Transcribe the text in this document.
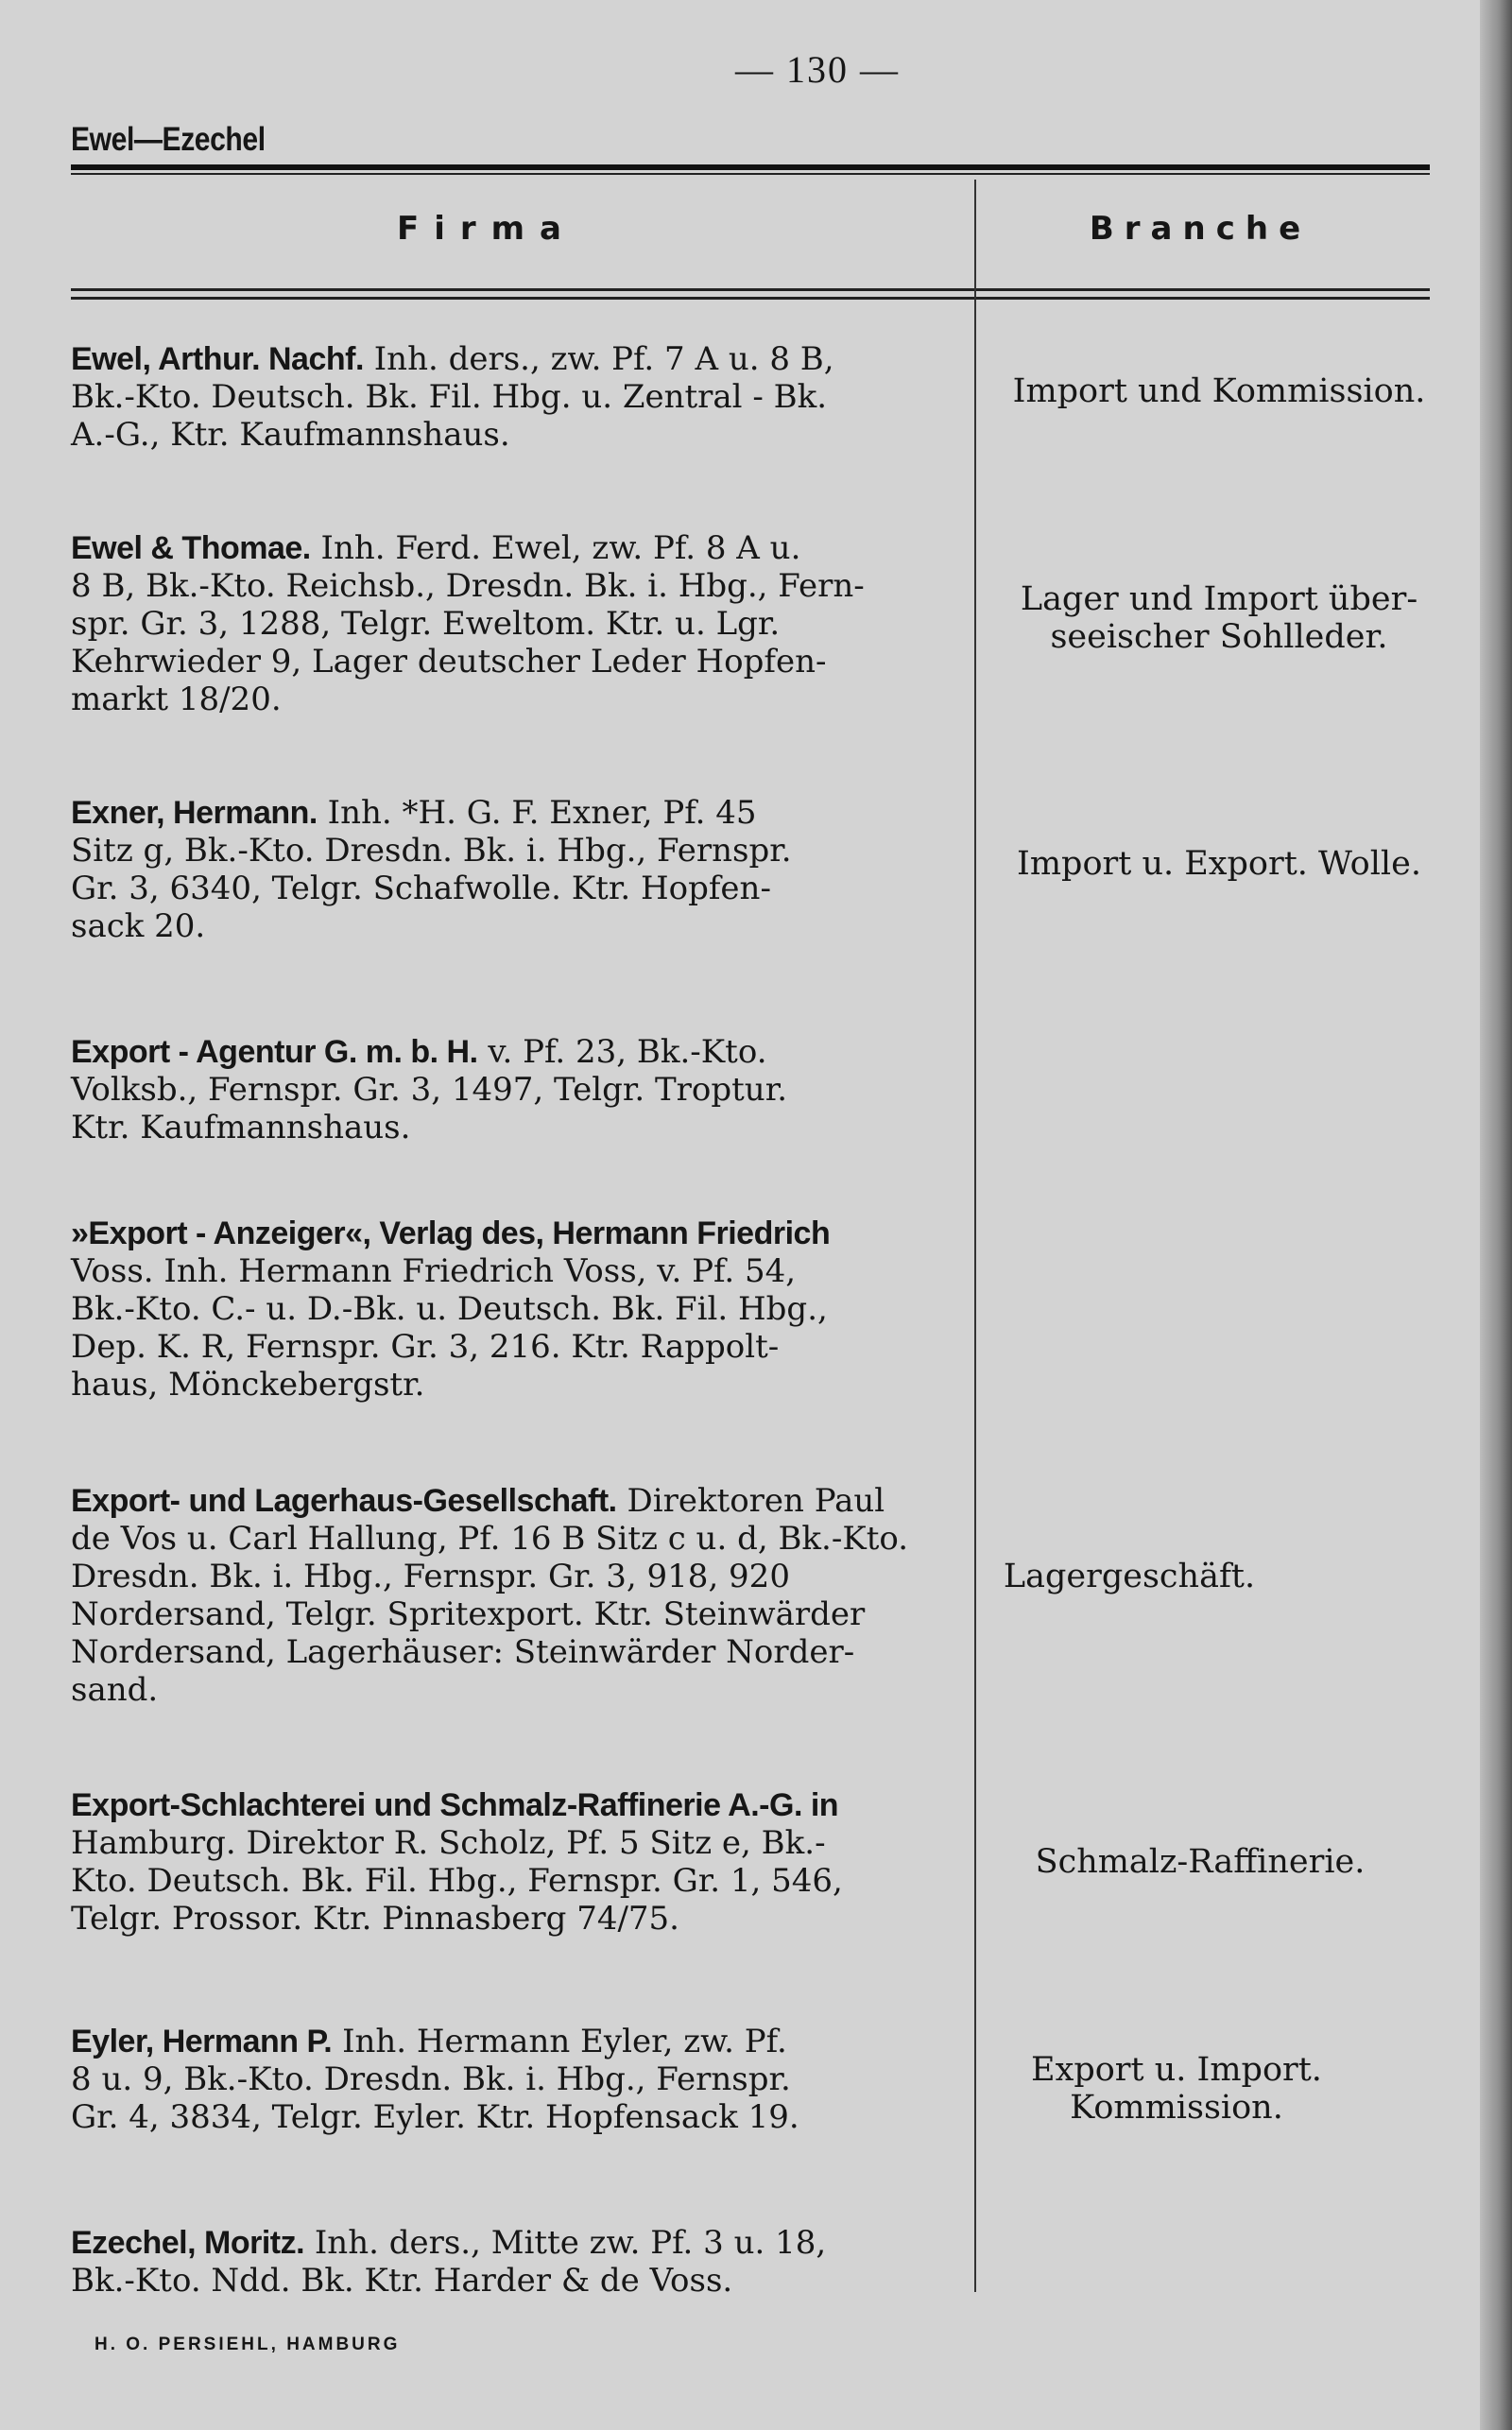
— 130 —
Ewel—Ezechel
Firma	Branche
Ewel, Arthur. Nachf. Inh. ders., zw. Pf. 7 A u. 8 B,
Bk.-Kto. Deutsch. Bk. Fil. Hbg. u. Zentral - Bk.
A.-G., Ktr. Kaufmannshaus.
Import und Kommission.
Ewel & Thomae. Inh. Ferd. Ewel, zw. Pf. 8 A u.
8 B, Bk.-Kto. Reichsb., Dresdn. Bk. i. Hbg., Fern-
spr. Gr. 3, 1288, Telgr. Eweltom. Ktr. u. Lgr.
Kehrwieder 9, Lager deutscher Leder Hopfen-
markt 18/20.
Lager und Import über-
seeischer Sohlleder.
Exner, Hermann. Inh. *H. G. F. Exner, Pf. 45
Sitz g, Bk.-Kto. Dresdn. Bk. i. Hbg., Fernspr.
Gr. 3, 6340, Telgr. Schafwolle. Ktr. Hopfen-
sack 20.
Import u. Export. Wolle.
Export - Agentur G. m. b. H. v. Pf. 23, Bk.-Kto.
Volksb., Fernspr. Gr. 3, 1497, Telgr. Troptur.
Ktr. Kaufmannshaus.
»Export - Anzeiger«, Verlag des, Hermann Friedrich
Voss. Inh. Hermann Friedrich Voss, v. Pf. 54,
Bk.-Kto. C.- u. D.-Bk. u. Deutsch. Bk. Fil. Hbg.,
Dep. K. R, Fernspr. Gr. 3, 216. Ktr. Rappolt-
haus, Mönckebergstr.
Export- und Lagerhaus-Gesellschaft. Direktoren Paul
de Vos u. Carl Hallung, Pf. 16 B Sitz c u. d, Bk.-Kto.
Dresdn. Bk. i. Hbg., Fernspr. Gr. 3, 918, 920
Nordersand, Telgr. Spritexport. Ktr. Steinwärder
Nordersand, Lagerhäuser: Steinwärder Norder-
sand.
Lagergeschäft.
Export-Schlachterei und Schmalz-Raffinerie A.-G. in
Hamburg. Direktor R. Scholz, Pf. 5 Sitz e, Bk.-
Kto. Deutsch. Bk. Fil. Hbg., Fernspr. Gr. 1, 546,
Telgr. Prossor. Ktr. Pinnasberg 74/75.
Schmalz-Raffinerie.
Eyler, Hermann P. Inh. Hermann Eyler, zw. Pf.
8 u. 9, Bk.-Kto. Dresdn. Bk. i. Hbg., Fernspr.
Gr. 4, 3834, Telgr. Eyler. Ktr. Hopfensack 19.
Export u. Import.
Kommission.
Ezechel, Moritz. Inh. ders., Mitte zw. Pf. 3 u. 18,
Bk.-Kto. Ndd. Bk. Ktr. Harder & de Voss.
H. O. PERSIEHL, HAMBURG
